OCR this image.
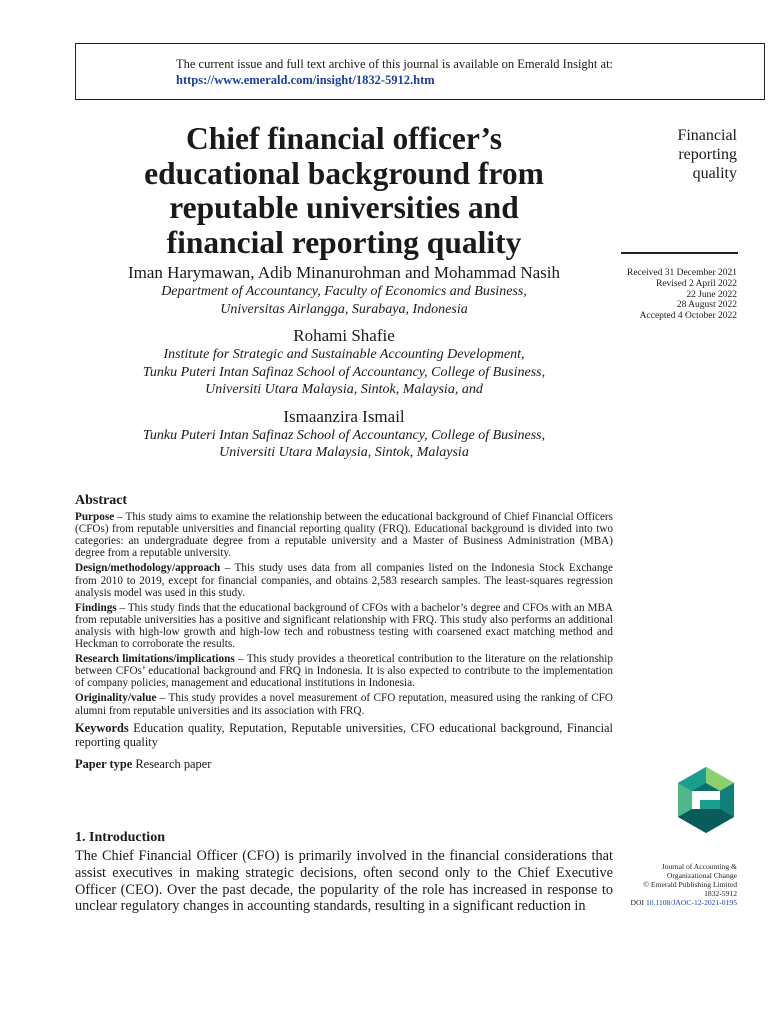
The current issue and full text archive of this journal is available on Emerald Insight at:
https://www.emerald.com/insight/1832-5912.htm
Chief financial officer’s
educational background from
reputable universities and
financial reporting quality
Financial
reporting
quality
Received 31 December 2021
Revised 2 April 2022
22 June 2022
28 August 2022
Accepted 4 October 2022
Iman Harymawan, Adib Minanurohman and Mohammad Nasih
Department of Accountancy, Faculty of Economics and Business,
Universitas Airlangga, Surabaya, Indonesia
Rohami Shafie
Institute for Strategic and Sustainable Accounting Development,
Tunku Puteri Intan Safinaz School of Accountancy, College of Business,
Universiti Utara Malaysia, Sintok, Malaysia, and
Ismaanzira Ismail
Tunku Puteri Intan Safinaz School of Accountancy, College of Business,
Universiti Utara Malaysia, Sintok, Malaysia
Abstract

Purpose – This study aims to examine the relationship between the educational background of Chief Financial Officers (CFOs) from reputable universities and financial reporting quality (FRQ). Educational background is divided into two categories: an undergraduate degree from a reputable university and a Master of Business Administration (MBA) degree from a reputable university.

Design/methodology/approach – This study uses data from all companies listed on the Indonesia Stock Exchange from 2010 to 2019, except for financial companies, and obtains 2,583 research samples. The least-squares regression analysis model was used in this study.

Findings – This study finds that the educational background of CFOs with a bachelor’s degree and CFOs with an MBA from reputable universities has a positive and significant relationship with FRQ. This study also performs an additional analysis with high-low growth and high-low tech and robustness testing with coarsened exact matching method and Heckman to corroborate the results.

Research limitations/implications – This study provides a theoretical contribution to the literature on the relationship between CFOs’ educational background and FRQ in Indonesia. It is also expected to contribute to the implementation of company policies, management and educational institutions in Indonesia.

Originality/value – This study provides a novel measurement of CFO reputation, measured using the ranking of CFO alumni from reputable universities and its association with FRQ.

Keywords Education quality, Reputation, Reputable universities, CFO educational background, Financial reporting quality

Paper type Research paper

1. Introduction

The Chief Financial Officer (CFO) is primarily involved in the financial considerations that assist executives in making strategic decisions, often second only to the Chief Executive Officer (CEO). Over the past decade, the popularity of the role has increased in response to unclear regulatory changes in accounting standards, resulting in a significant reduction in

Journal of Accounting &
Organizational Change
© Emerald Publishing Limited
1832-5912
DOI 10.1108/JAOC-12-2021-0195
